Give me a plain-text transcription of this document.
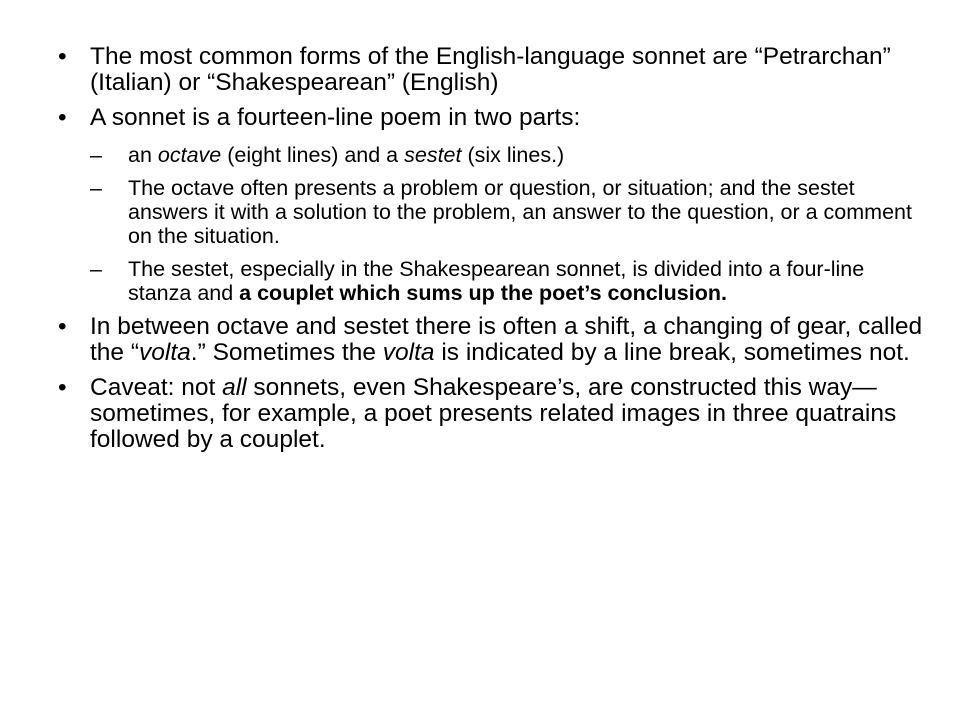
• The most common forms of the English-language sonnet are “Petrarchan” (Italian) or “Shakespearean” (English)
• A sonnet is a fourteen-line poem in two parts:
– an octave (eight lines) and a sestet (six lines.)
– The octave often presents a problem or question, or situation; and the sestet answers it with a solution to the problem, an answer to the question, or a comment on the situation.
– The sestet, especially in the Shakespearean sonnet, is divided into a four-line stanza and a couplet which sums up the poet’s conclusion.
• In between octave and sestet there is often a shift, a changing of gear, called the “volta.” Sometimes the volta is indicated by a line break, sometimes not.
• Caveat: not all sonnets, even Shakespeare’s, are constructed this way—sometimes, for example, a poet presents related images in three quatrains followed by a couplet.
